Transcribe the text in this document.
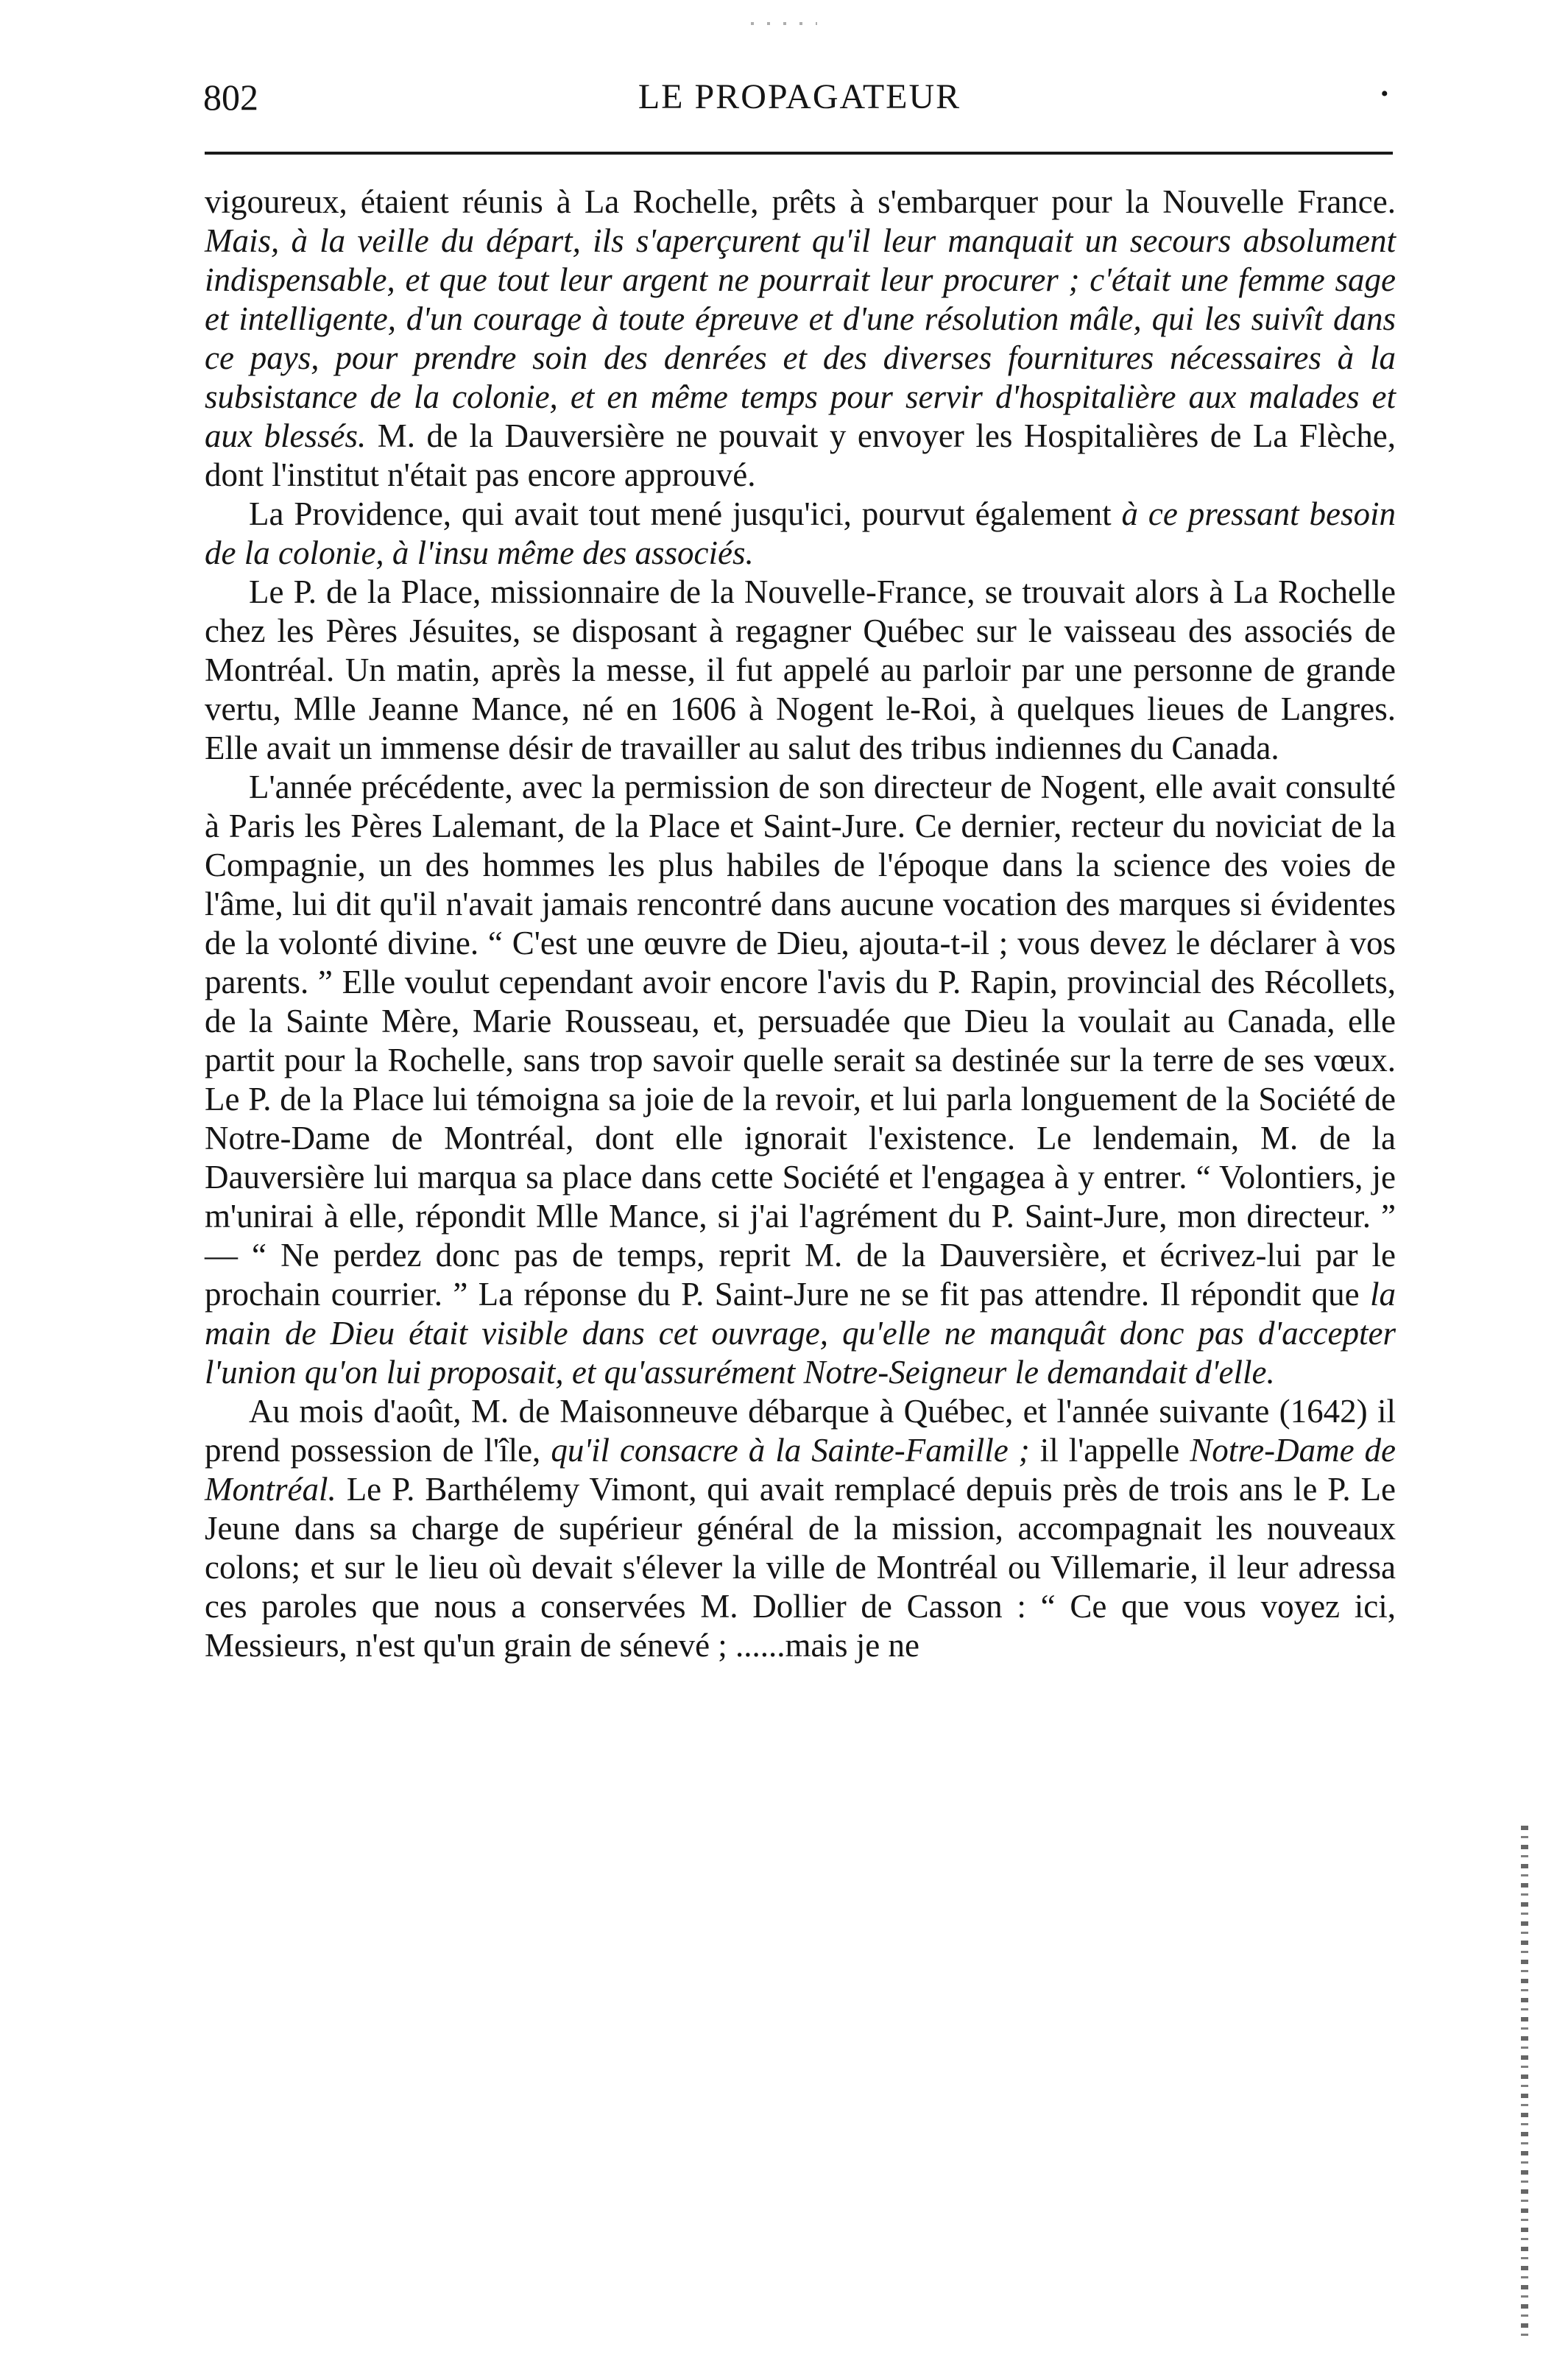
802	LE PROPAGATEUR	•

vigoureux, étaient réunis à La Rochelle, prêts à s'embarquer pour la Nouvelle France. Mais, à la veille du départ, ils s'aperçurent qu'il leur manquait un secours absolument indispensable, et que tout leur argent ne pourrait leur procurer ; c'était une femme sage et intelligente, d'un courage à toute épreuve et d'une résolution mâle, qui les suivît dans ce pays, pour prendre soin des denrées et des diverses fournitures nécessaires à la subsistance de la colonie, et en même temps pour servir d'hospitalière aux malades et aux blessés. M. de la Dauversière ne pouvait y envoyer les Hospitalières de La Flèche, dont l'institut n'était pas encore approuvé.

La Providence, qui avait tout mené jusqu'ici, pourvut également à ce pressant besoin de la colonie, à l'insu même des associés.

Le P. de la Place, missionnaire de la Nouvelle-France, se trouvait alors à La Rochelle chez les Pères Jésuites, se disposant à regagner Québec sur le vaisseau des associés de Montréal. Un matin, après la messe, il fut appelé au parloir par une personne de grande vertu, Mlle Jeanne Mance, né en 1606 à Nogent le-Roi, à quelques lieues de Langres. Elle avait un immense désir de travailler au salut des tribus indiennes du Canada.

L'année précédente, avec la permission de son directeur de Nogent, elle avait consulté à Paris les Pères Lalemant, de la Place et Saint-Jure. Ce dernier, recteur du noviciat de la Compagnie, un des hommes les plus habiles de l'époque dans la science des voies de l'âme, lui dit qu'il n'avait jamais rencontré dans aucune vocation des marques si évidentes de la volonté divine. “ C'est une œuvre de Dieu, ajouta-t-il ; vous devez le déclarer à vos parents. ” Elle voulut cependant avoir encore l'avis du P. Rapin, provincial des Récollets, de la Sainte Mère, Marie Rousseau, et, persuadée que Dieu la voulait au Canada, elle partit pour la Rochelle, sans trop savoir quelle serait sa destinée sur la terre de ses vœux. Le P. de la Place lui témoigna sa joie de la revoir, et lui parla longuement de la Société de Notre-Dame de Montréal, dont elle ignorait l'existence. Le lendemain, M. de la Dauversière lui marqua sa place dans cette Société et l'engagea à y entrer. “ Volontiers, je m'unirai à elle, répondit Mlle Mance, si j'ai l'agrément du P. Saint-Jure, mon directeur. ” — “ Ne perdez donc pas de temps, reprit M. de la Dauversière, et écrivez-lui par le prochain courrier. ” La réponse du P. Saint-Jure ne se fit pas attendre. Il répondit que la main de Dieu était visible dans cet ouvrage, qu'elle ne manquât donc pas d'accepter l'union qu'on lui proposait, et qu'assurément Notre-Seigneur le demandait d'elle.

Au mois d'août, M. de Maisonneuve débarque à Québec, et l'année suivante (1642) il prend possession de l'île, qu'il consacre à la Sainte-Famille ; il l'appelle Notre-Dame de Montréal. Le P. Barthélemy Vimont, qui avait remplacé depuis près de trois ans le P. Le Jeune dans sa charge de supérieur général de la mission, accompagnait les nouveaux colons; et sur le lieu où devait s'élever la ville de Montréal ou Villemarie, il leur adressa ces paroles que nous a conservées M. Dollier de Casson : “ Ce que vous voyez ici, Messieurs, n'est qu'un grain de sénevé ; ......mais je ne
